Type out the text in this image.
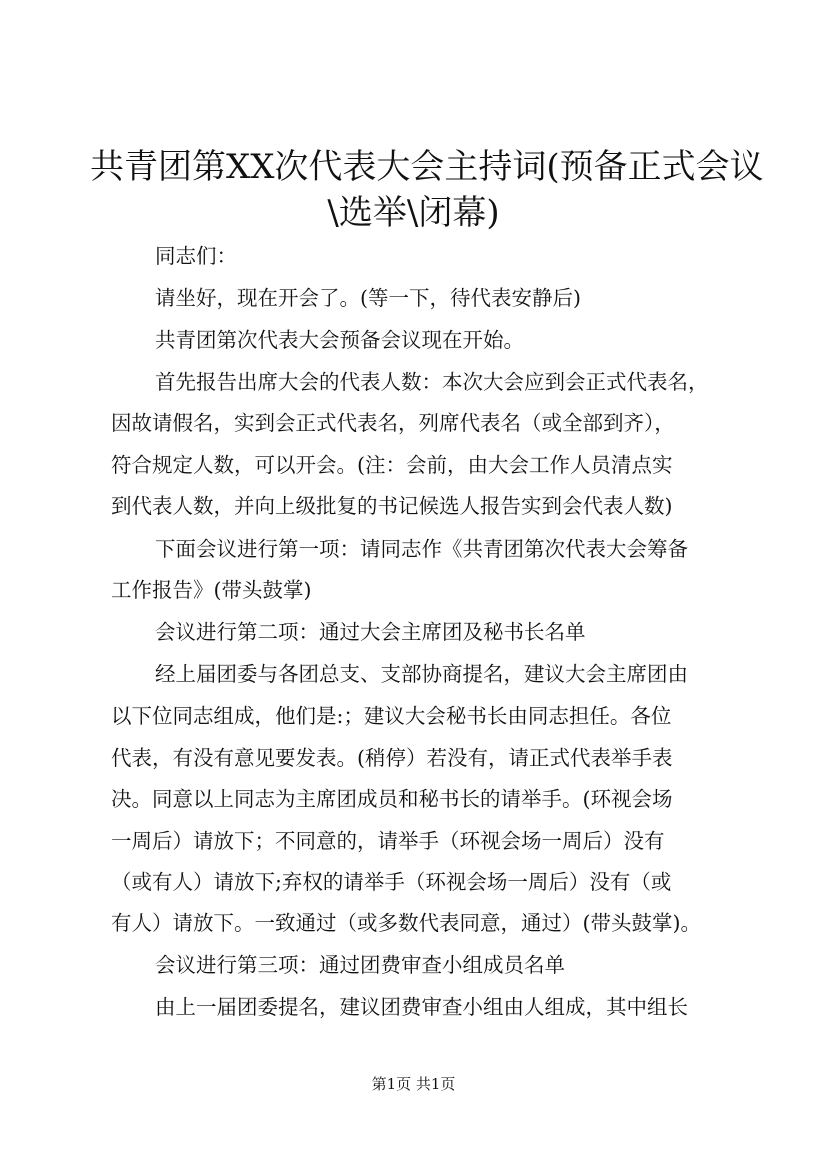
共青团第XX次代表大会主持词(预备正式会议
\选举\闭幕)

同志们：

请坐好，现在开会了。(等一下，待代表安静后)

共青团第次代表大会预备会议现在开始。

首先报告出席大会的代表人数：本次大会应到会正式代表名，

因故请假名，实到会正式代表名，列席代表名（或全部到齐），

符合规定人数，可以开会。(注：会前，由大会工作人员清点实

到代表人数，并向上级批复的书记候选人报告实到会代表人数)

下面会议进行第一项：请同志作《共青团第次代表大会筹备

工作报告》(带头鼓掌)

会议进行第二项：通过大会主席团及秘书长名单

经上届团委与各团总支、支部协商提名，建议大会主席团由

以下位同志组成，他们是:；建议大会秘书长由同志担任。各位

代表，有没有意见要发表。(稍停）若没有，请正式代表举手表

决。同意以上同志为主席团成员和秘书长的请举手。(环视会场

一周后）请放下；不同意的，请举手（环视会场一周后）没有

（或有人）请放下;弃权的请举手（环视会场一周后）没有（或

有人）请放下。一致通过（或多数代表同意，通过）(带头鼓掌)。

会议进行第三项：通过团费审查小组成员名单

由上一届团委提名，建议团费审查小组由人组成，其中组长

第1页 共1页
